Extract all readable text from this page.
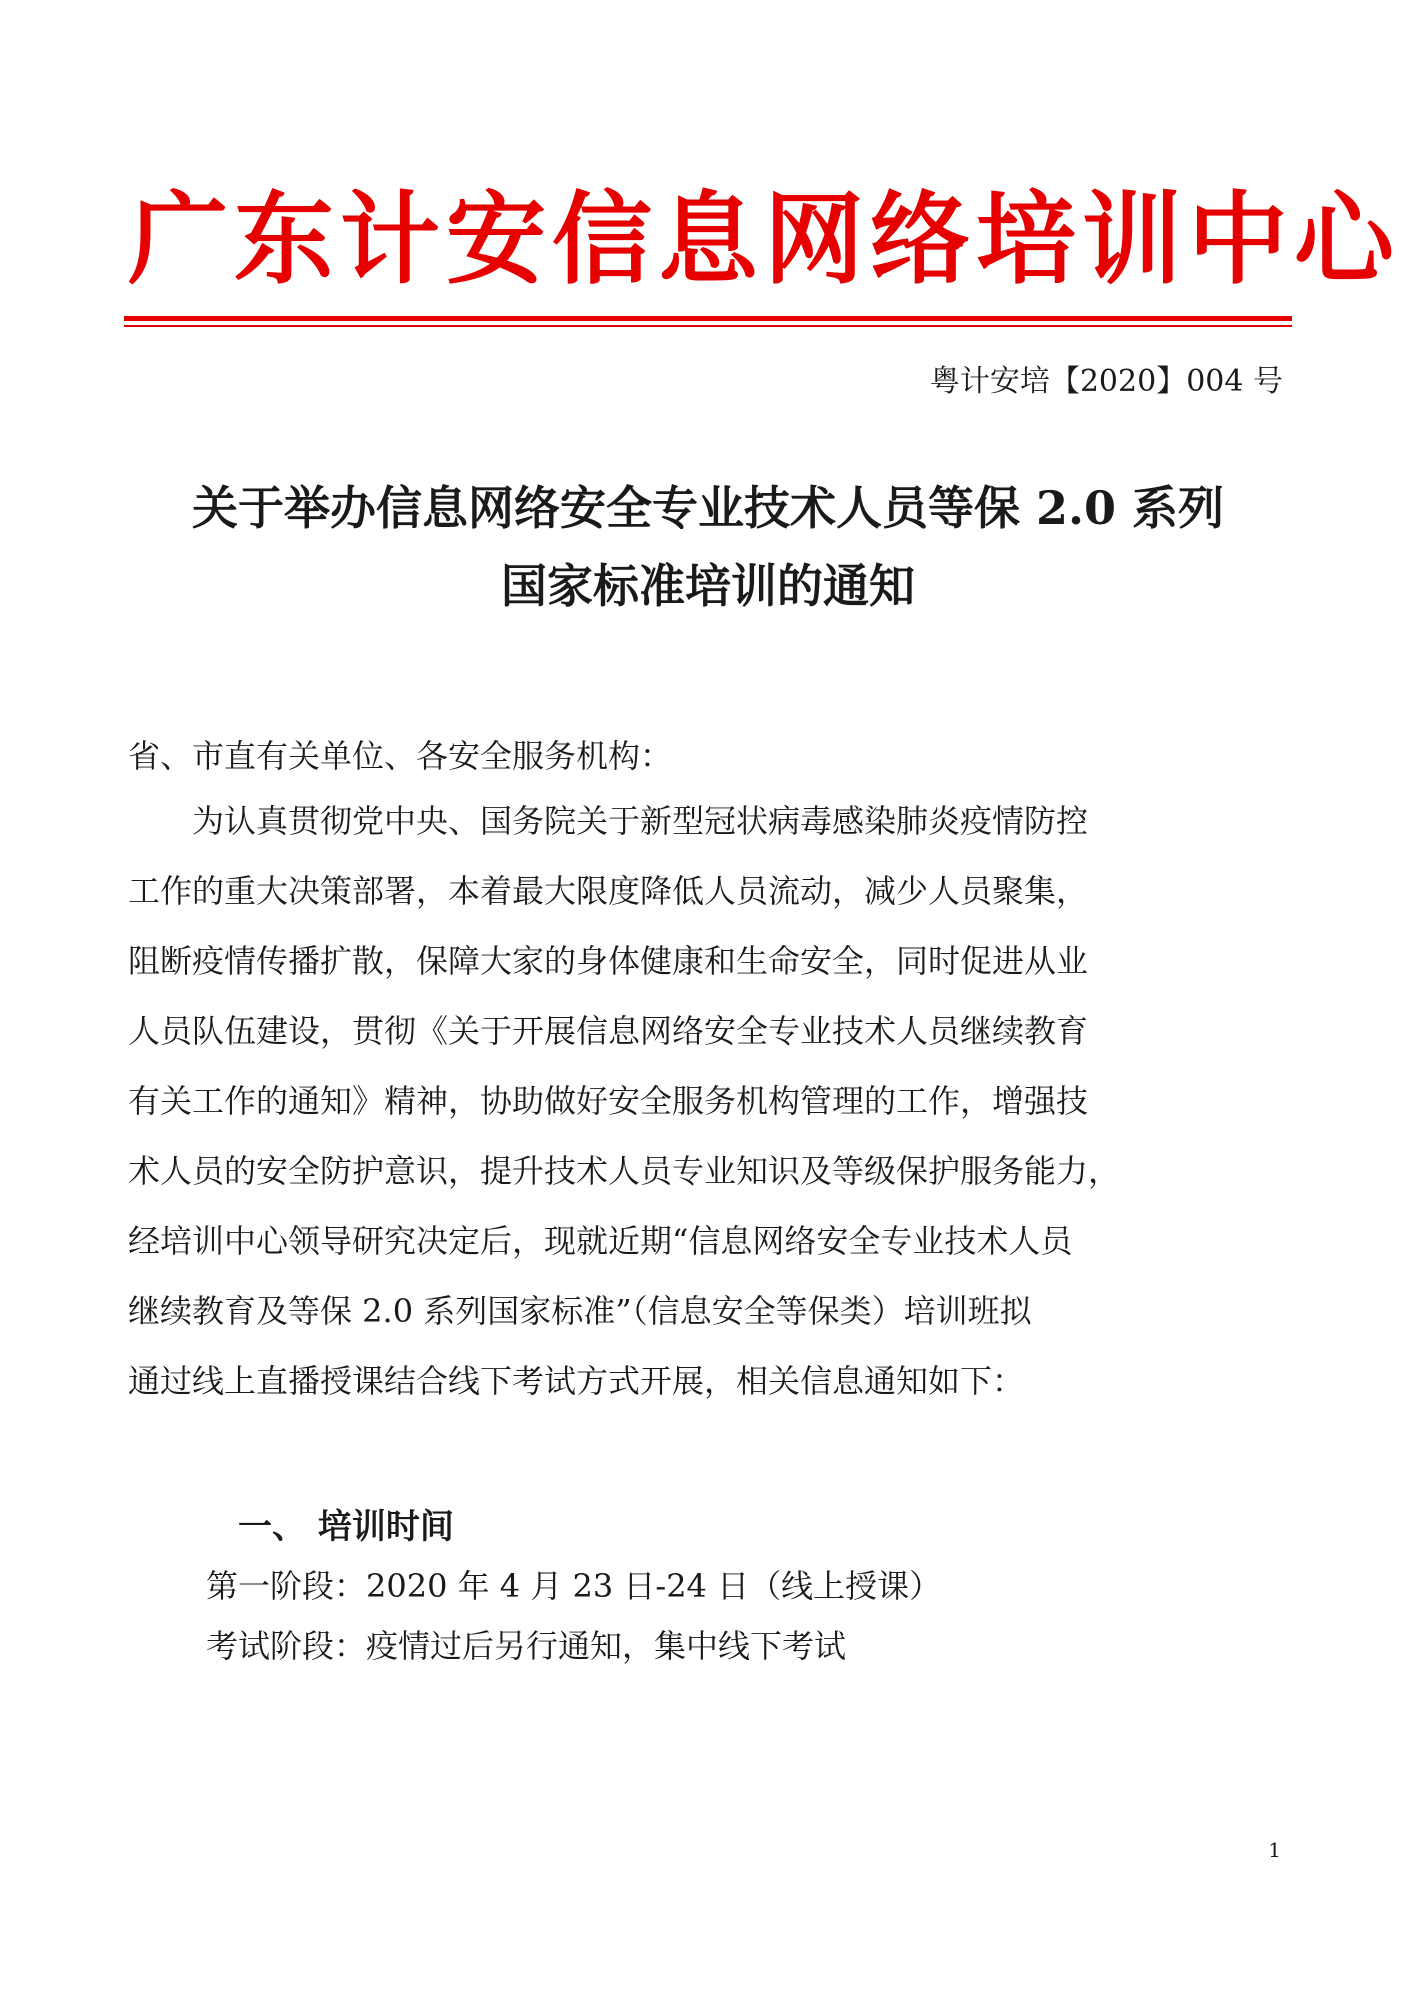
广东计安信息网络培训中心
粤计安培【2020】004 号
关于举办信息网络安全专业技术人员等保 2.0 系列
国家标准培训的通知
省、市直有关单位、各安全服务机构：
　　为认真贯彻党中央、国务院关于新型冠状病毒感染肺炎疫情防控
工作的重大决策部署，本着最大限度降低人员流动，减少人员聚集，
阻断疫情传播扩散，保障大家的身体健康和生命安全，同时促进从业
人员队伍建设，贯彻《关于开展信息网络安全专业技术人员继续教育
有关工作的通知》精神，协助做好安全服务机构管理的工作，增强技
术人员的安全防护意识，提升技术人员专业知识及等级保护服务能力，
经培训中心领导研究决定后，现就近期“信息网络安全专业技术人员
继续教育及等保 2.0 系列国家标准”（信息安全等保类）培训班拟
通过线上直播授课结合线下考试方式开展，相关信息通知如下：
一、 培训时间
第一阶段：2020 年 4 月 23 日-24 日（线上授课）
考试阶段：疫情过后另行通知，集中线下考试
1
